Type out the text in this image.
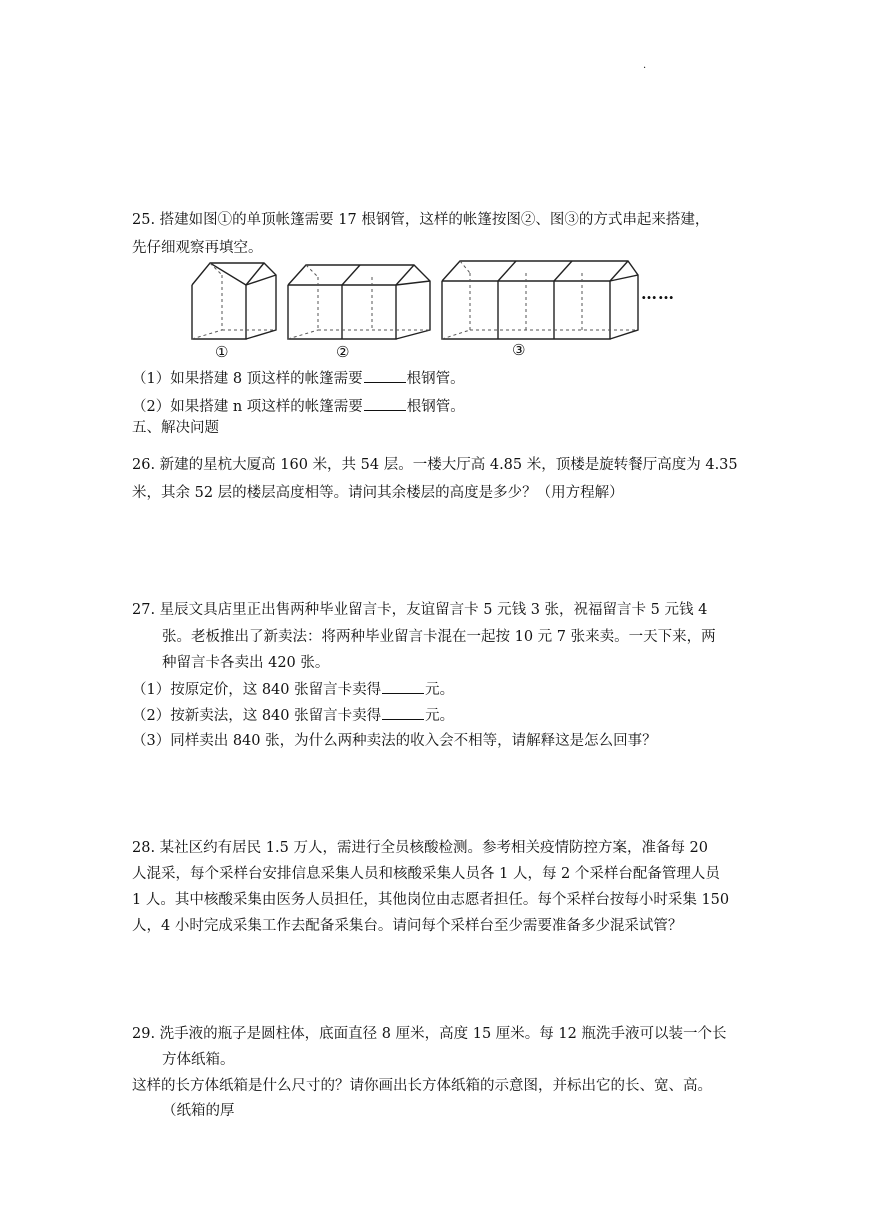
.
25. 搭建如图①的单顶帐篷需要 17 根钢管，这样的帐篷按图②、图③的方式串起来搭建，
先仔细观察再填空。
……
①	②	③
（1）如果搭建 8 顶这样的帐篷需要	根钢管。
（2）如果搭建 n 项这样的帐篷需要	根钢管。
五、解决问题
26. 新建的星杭大厦高 160 米，共 54 层。一楼大厅高 4.85 米，顶楼是旋转餐厅高度为 4.35
米，其余 52 层的楼层高度相等。请问其余楼层的高度是多少？（用方程解）
27. 星辰文具店里正出售两种毕业留言卡，友谊留言卡 5 元钱 3 张，祝福留言卡 5 元钱 4
张。老板推出了新卖法：将两种毕业留言卡混在一起按 10 元 7 张来卖。一天下来，两
种留言卡各卖出 420 张。
（1）按原定价，这 840 张留言卡卖得	元。
（2）按新卖法，这 840 张留言卡卖得	元。
（3）同样卖出 840 张，为什么两种卖法的收入会不相等，请解释这是怎么回事？
28. 某社区约有居民 1.5 万人，需进行全员核酸检测。参考相关疫情防控方案，准备每 20
人混采，每个采样台安排信息采集人员和核酸采集人员各 1 人，每 2 个采样台配备管理人员
1 人。其中核酸采集由医务人员担任，其他岗位由志愿者担任。每个采样台按每小时采集 150
人，4 小时完成采集工作去配备采集台。请问每个采样台至少需要准备多少混采试管？
29. 洗手液的瓶子是圆柱体，底面直径 8 厘米，高度 15 厘米。每 12 瓶洗手液可以装一个长
方体纸箱。
这样的长方体纸箱是什么尺寸的？请你画出长方体纸箱的示意图，并标出它的长、宽、高。
（纸箱的厚
